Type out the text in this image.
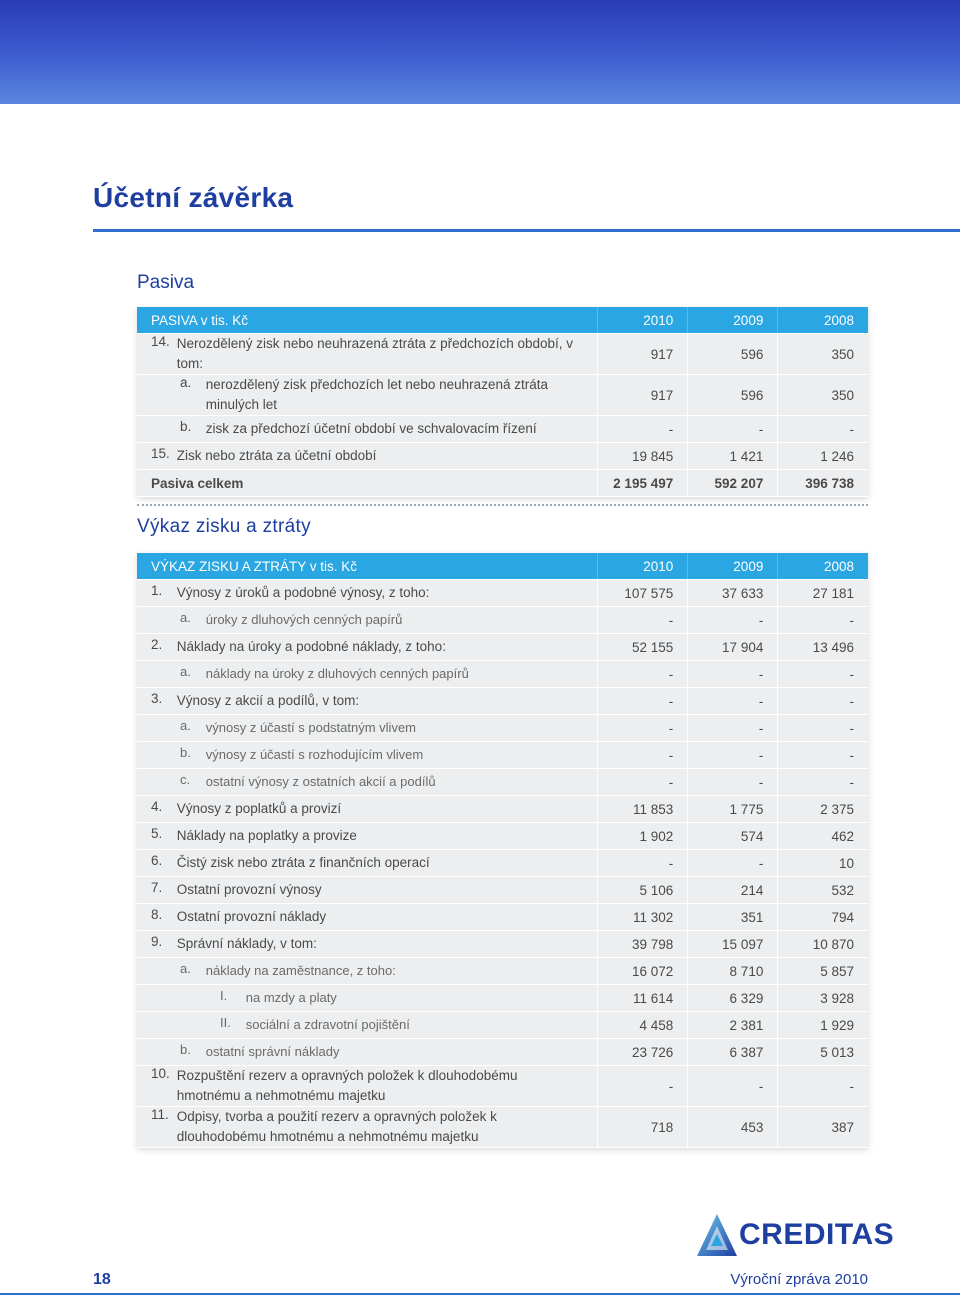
Účetní závěrka
Pasiva
PASIVA v tis. Kč	2010	2009	2008

14.
Nerozdělený zisk nebo neuhrazená ztráta z předchozích období, v tom:	917	596	350

a.
nerozdělený zisk předchozích let nebo neuhrazená ztráta minulých let	917	596	350

b.
zisk za předchozí účetní období ve schvalovacím řízení	-	-	-

15.
Zisk nebo ztráta za účetní období	19 845	1 421	1 246
Pasiva celkem	2 195 497	592 207	396 738
Výkaz zisku a ztráty
VÝKAZ ZISKU A ZTRÁTY v tis. Kč	2010	2009	2008

1.
Výnosy z úroků a podobné výnosy, z toho:	107 575	37 633	27 181

a.
úroky z dluhových cenných papírů	-	-	-

2.
Náklady na úroky a podobné náklady, z toho:	52 155	17 904	13 496

a.
náklady na úroky z dluhových cenných papírů	-	-	-

3.
Výnosy z akcií a podílů, v tom:	-	-	-

a.
výnosy z účastí s podstatným vlivem	-	-	-

b.
výnosy z účastí s rozhodujícím vlivem	-	-	-

c.
ostatní výnosy z ostatních akcií a podílů	-	-	-

4.
Výnosy z poplatků a provizí	11 853	1 775	2 375

5.
Náklady na poplatky a provize	1 902	574	462

6.
Čistý zisk nebo ztráta z finančních operací	-	-	10

7.
Ostatní provozní výnosy	5 106	214	532

8.
Ostatní provozní náklady	11 302	351	794

9.
Správní náklady, v tom:	39 798	15 097	10 870

a.
náklady na zaměstnance, z toho:	16 072	8 710	5 857

I.
na mzdy a platy	11 614	6 329	3 928

II.
sociální a zdravotní pojištění	4 458	2 381	1 929

b.
ostatní správní náklady	23 726	6 387	5 013

10.
Rozpuštění rezerv a opravných položek k dlouhodobému hmotnému a nehmotnému majetku	-	-	-

11.
Odpisy, tvorba a použití rezerv a opravných položek k dlouhodobému hmotnému a nehmotnému majetku	718	453	387
CREDITAS
18	Výroční zpráva 2010
